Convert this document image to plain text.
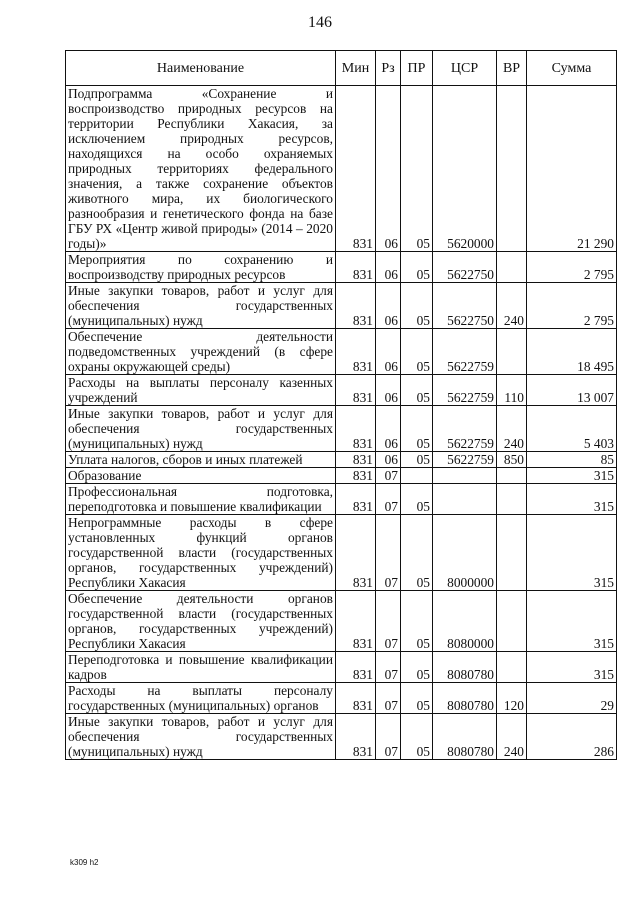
146
Наименование	Мин	Рз	ПР	ЦСР	ВР	Сумма
Подпрограмма «Сохранение и воспроизводство природных ресурсов на территории Республики Хакасия, за исключением природных ресурсов, находящихся на особо охраняемых природных территориях федерального значения, а также сохранение объектов животного мира, их биологического разнообразия и генетического фонда на базе ГБУ РХ «Центр живой природы» (2014 – 2020 годы)»	831	06	05	5620000		21 290
Мероприятия по сохранению и воспроизводству природных ресурсов	831	06	05	5622750		2 795
Иные закупки товаров, работ и услуг для обеспечения государственных (муниципальных) нужд	831	06	05	5622750	240	2 795
Обеспечение деятельности подведомственных учреждений (в сфере охраны окружающей среды)	831	06	05	5622759		18 495
Расходы на выплаты персоналу казенных учреждений	831	06	05	5622759	110	13 007
Иные закупки товаров, работ и услуг для обеспечения государственных (муниципальных) нужд	831	06	05	5622759	240	5 403
Уплата налогов, сборов и иных платежей	831	06	05	5622759	850	85
Образование	831	07				315
Профессиональная подготовка, переподготовка и повышение квалификации	831	07	05			315
Непрограммные расходы в сфере установленных функций органов государственной власти (государственных органов, государственных учреждений) Республики Хакасия	831	07	05	8000000		315
Обеспечение деятельности органов государственной власти (государственных органов, государственных учреждений) Республики Хакасия	831	07	05	8080000		315
Переподготовка и повышение квалификации кадров	831	07	05	8080780		315
Расходы на выплаты персоналу государственных (муниципальных) органов	831	07	05	8080780	120	29
Иные закупки товаров, работ и услуг для обеспечения государственных (муниципальных) нужд	831	07	05	8080780	240	286
k309 h2
